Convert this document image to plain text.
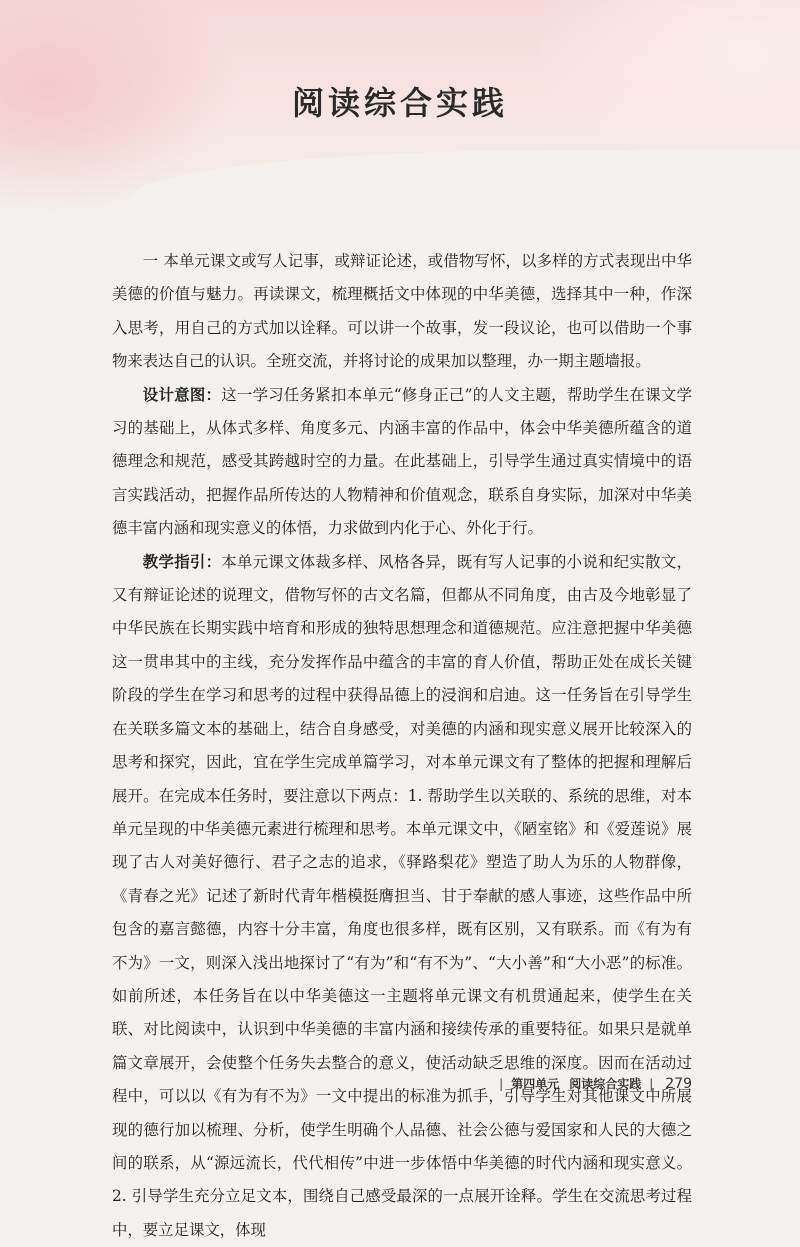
阅读综合实践

一 本单元课文或写人记事，或辩证论述，或借物写怀，以多样的方式表现出中华美德的价值与魅力。再读课文，梳理概括文中体现的中华美德，选择其中一种，作深入思考，用自己的方式加以诠释。可以讲一个故事，发一段议论，也可以借助一个事物来表达自己的认识。全班交流，并将讨论的成果加以整理，办一期主题墙报。

设计意图：这一学习任务紧扣本单元“修身正己”的人文主题，帮助学生在课文学习的基础上，从体式多样、角度多元、内涵丰富的作品中，体会中华美德所蕴含的道德理念和规范，感受其跨越时空的力量。在此基础上，引导学生通过真实情境中的语言实践活动，把握作品所传达的人物精神和价值观念，联系自身实际，加深对中华美德丰富内涵和现实意义的体悟，力求做到内化于心、外化于行。

教学指引：本单元课文体裁多样、风格各异，既有写人记事的小说和纪实散文，又有辩证论述的说理文，借物写怀的古文名篇，但都从不同角度，由古及今地彰显了中华民族在长期实践中培育和形成的独特思想理念和道德规范。应注意把握中华美德这一贯串其中的主线，充分发挥作品中蕴含的丰富的育人价值，帮助正处在成长关键阶段的学生在学习和思考的过程中获得品德上的浸润和启迪。这一任务旨在引导学生在关联多篇文本的基础上，结合自身感受，对美德的内涵和现实意义展开比较深入的思考和探究，因此，宜在学生完成单篇学习，对本单元课文有了整体的把握和理解后展开。在完成本任务时，要注意以下两点：1. 帮助学生以关联的、系统的思维，对本单元呈现的中华美德元素进行梳理和思考。本单元课文中，《陋室铭》和《爱莲说》展现了古人对美好德行、君子之志的追求，《驿路梨花》塑造了助人为乐的人物群像，《青春之光》记述了新时代青年楷模挺膺担当、甘于奉献的感人事迹，这些作品中所包含的嘉言懿德，内容十分丰富，角度也很多样，既有区别，又有联系。而《有为有不为》一文，则深入浅出地探讨了“有为”和“有不为”、“大小善”和“大小恶”的标准。如前所述，本任务旨在以中华美德这一主题将单元课文有机贯通起来，使学生在关联、对比阅读中，认识到中华美德的丰富内涵和接续传承的重要特征。如果只是就单篇文章展开，会使整个任务失去整合的意义，使活动缺乏思维的深度。因而在活动过程中，可以以《有为有不为》一文中提出的标准为抓手，引导学生对其他课文中所展现的德行加以梳理、分析，使学生明确个人品德、社会公德与爱国家和人民的大德之间的联系，从“源远流长，代代相传”中进一步体悟中华美德的时代内涵和现实意义。2. 引导学生充分立足文本，围绕自己感受最深的一点展开诠释。学生在交流思考过程中，要立足课文，体现

| 第四单元 阅读综合实践 | 279
